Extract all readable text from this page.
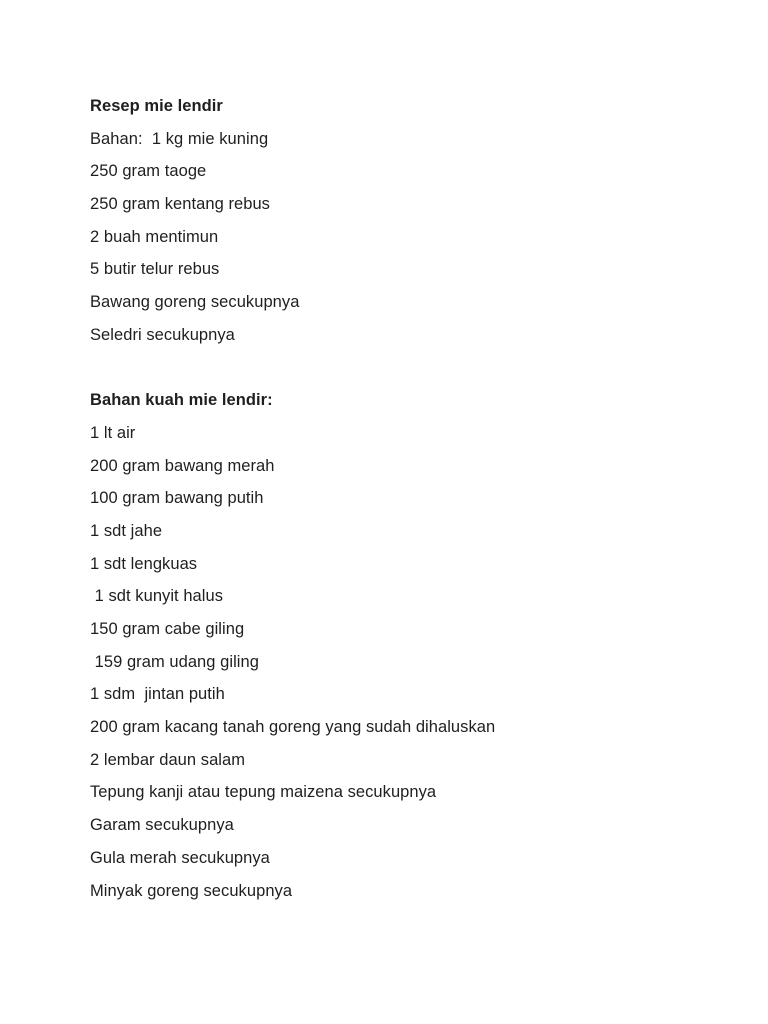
Resep mie lendir
Bahan:  1 kg mie kuning
250 gram taoge
250 gram kentang rebus
2 buah mentimun
5 butir telur rebus
Bawang goreng secukupnya
Seledri secukupnya
Bahan kuah mie lendir:
1 lt air
200 gram bawang merah
100 gram bawang putih
1 sdt jahe
1 sdt lengkuas
1 sdt kunyit halus
150 gram cabe giling
159 gram udang giling
1 sdm  jintan putih
200 gram kacang tanah goreng yang sudah dihaluskan
2 lembar daun salam
Tepung kanji atau tepung maizena secukupnya
Garam secukupnya
Gula merah secukupnya
Minyak goreng secukupnya
